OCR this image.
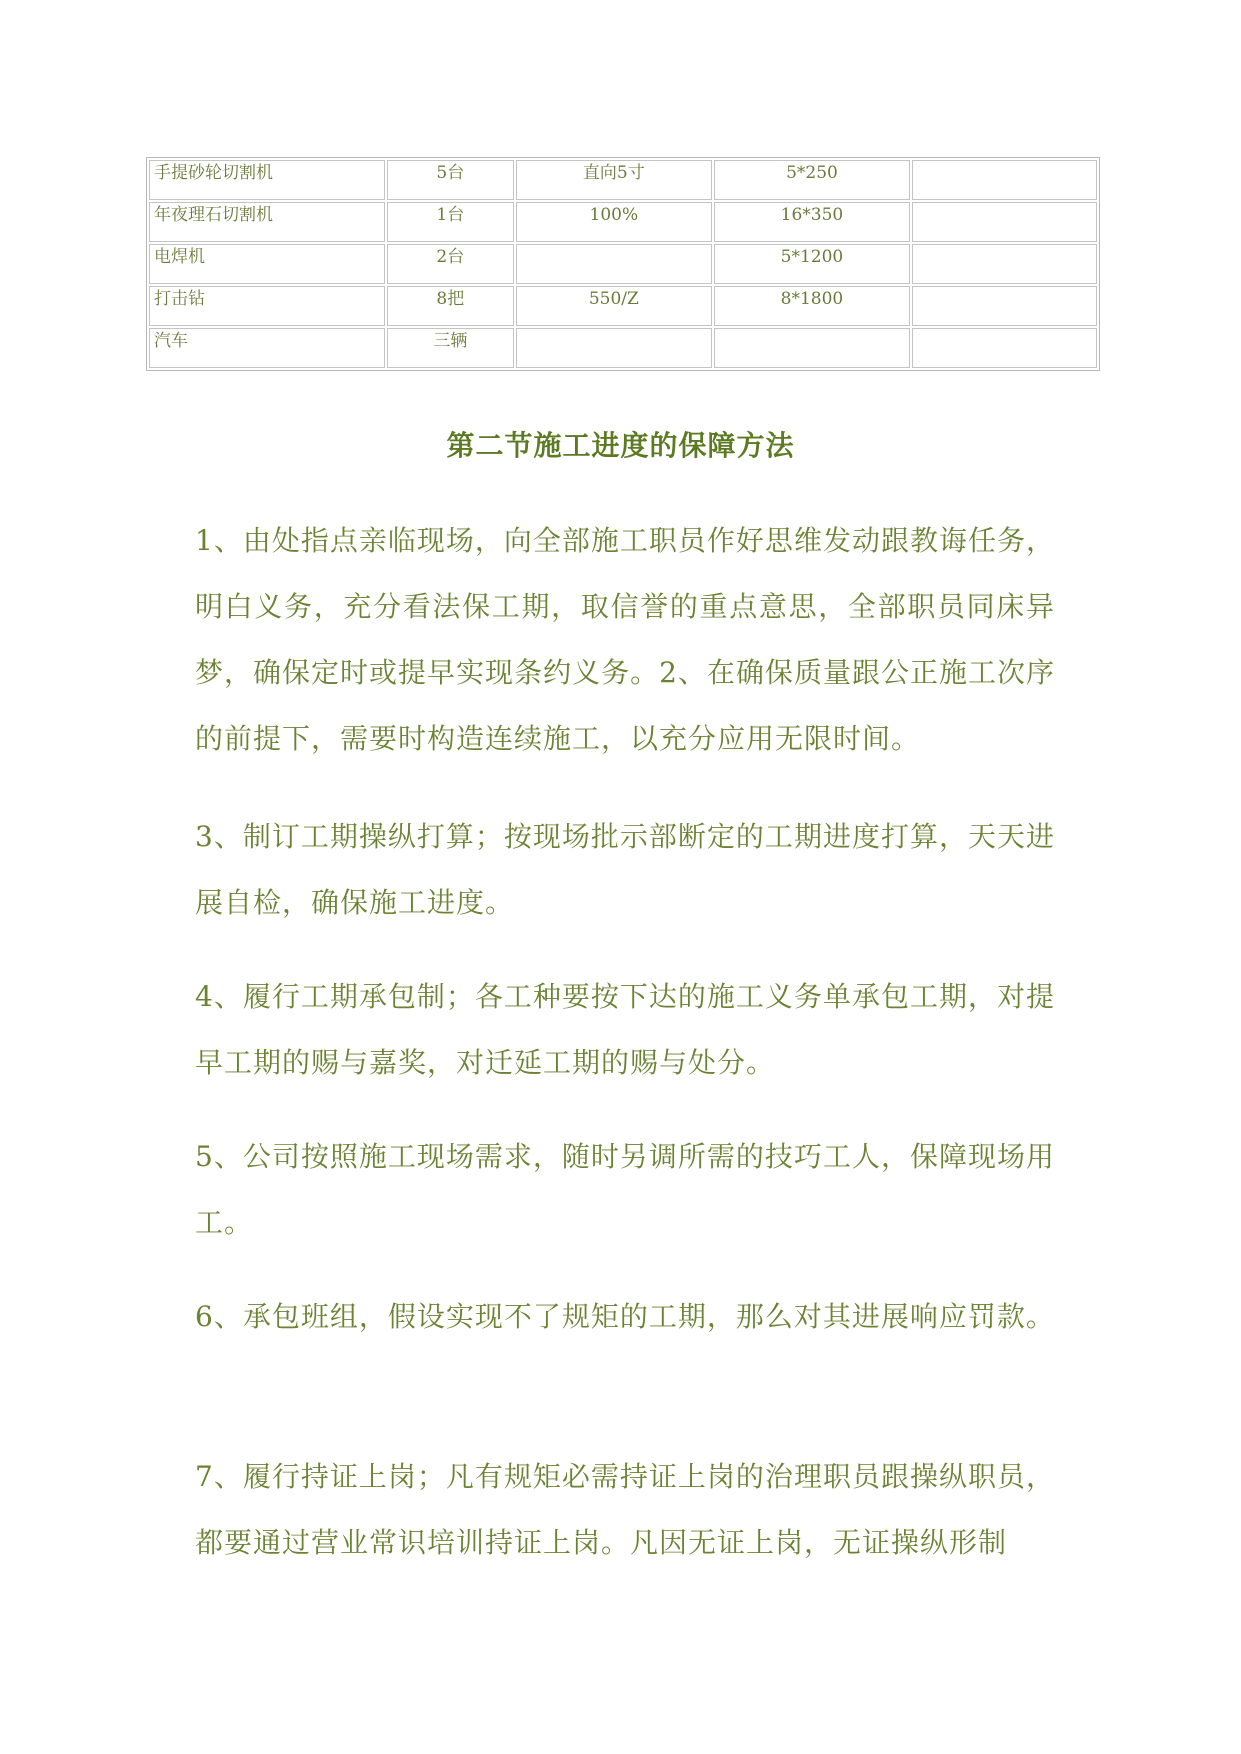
手提砂轮切割机	5台	直向5寸	5*250	
年夜理石切割机	1台	100%	16*350	
电焊机	2台		5*1200	
打击钻	8把	550/Z	8*1800	
汽车	三辆			
第二节施工进度的保障方法

1、由处指点亲临现场，向全部施工职员作好思维发动跟教诲任务，明白义务，充分看法保工期，取信誉的重点意思，全部职员同床异梦，确保定时或提早实现条约义务。2、在确保质量跟公正施工次序的前提下，需要时构造连续施工，以充分应用无限时间。

3、制订工期操纵打算；按现场批示部断定的工期进度打算，天天进展自检，确保施工进度。

4、履行工期承包制；各工种要按下达的施工义务单承包工期，对提早工期的赐与嘉奖，对迁延工期的赐与处分。

5、公司按照施工现场需求，随时另调所需的技巧工人，保障现场用工。

6、承包班组，假设实现不了规矩的工期，那么对其进展响应罚款。

7、履行持证上岗；凡有规矩必需持证上岗的治理职员跟操纵职员，都要通过营业常识培训持证上岗。凡因无证上岗，无证操纵形制
